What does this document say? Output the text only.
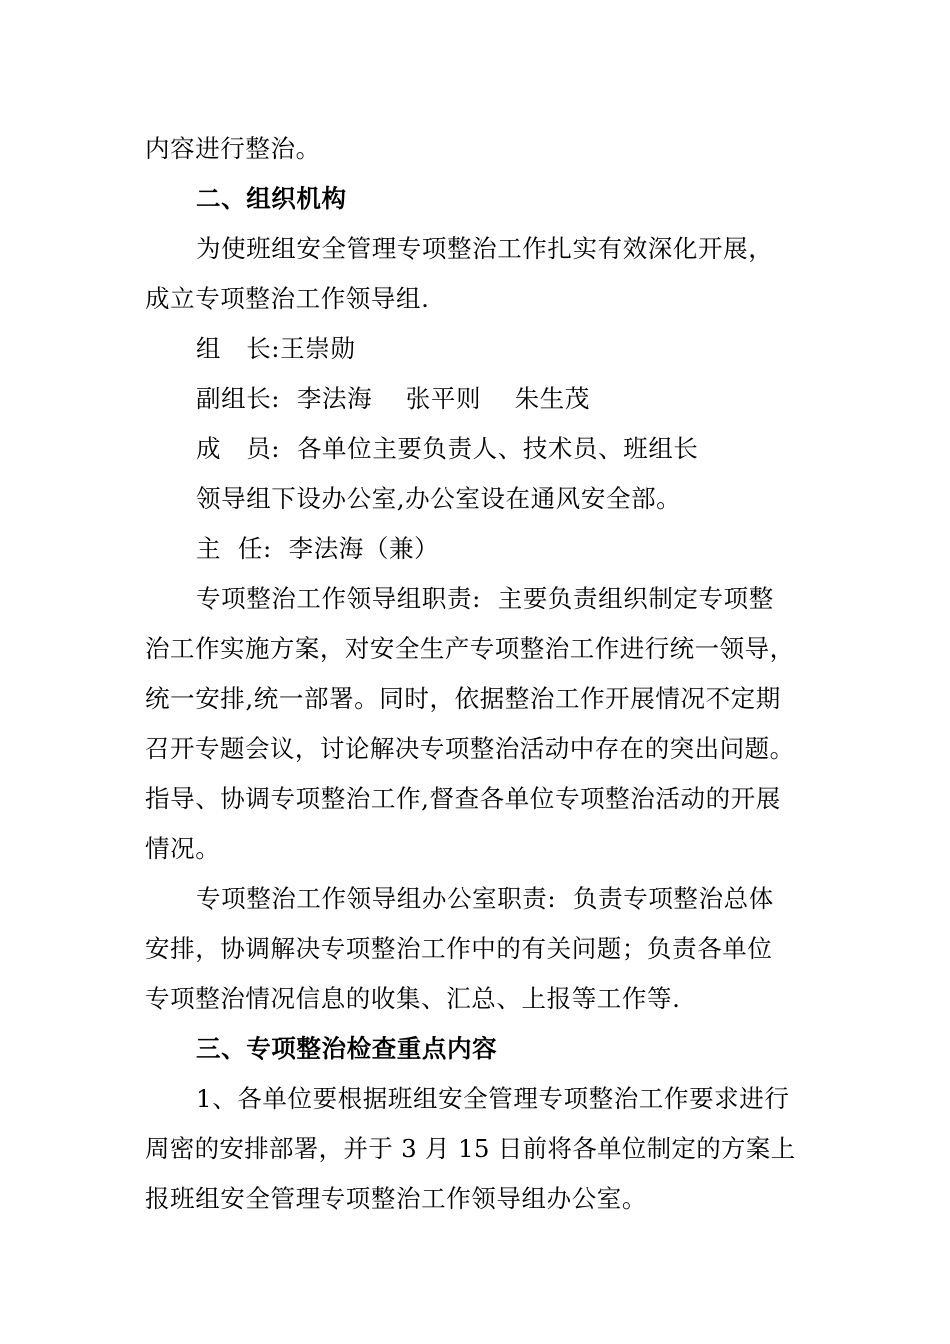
内容进行整治。
二、组织机构
为使班组安全管理专项整治工作扎实有效深化开展，
成立专项整治工作领导组.
组　长:王崇勋
副组长:  李法海    张平则    朱生茂
成　员:  各单位主要负责人、技术员、班组长
领导组下设办公室,办公室设在通风安全部。
主  任:  李法海（兼）
专项整治工作领导组职责:  主要负责组织制定专项整
治工作实施方案，对安全生产专项整治工作进行统一领导，
统一安排,统一部署。同时，依据整治工作开展情况不定期
召开专题会议，讨论解决专项整治活动中存在的突出问题。
指导、协调专项整治工作,督查各单位专项整治活动的开展
情况。
专项整治工作领导组办公室职责:  负责专项整治总体
安排，协调解决专项整治工作中的有关问题；负责各单位
专项整治情况信息的收集、汇总、上报等工作等.
三、专项整治检查重点内容
1、各单位要根据班组安全管理专项整治工作要求进行
周密的安排部署，并于 3 月 15 日前将各单位制定的方案上
报班组安全管理专项整治工作领导组办公室。
